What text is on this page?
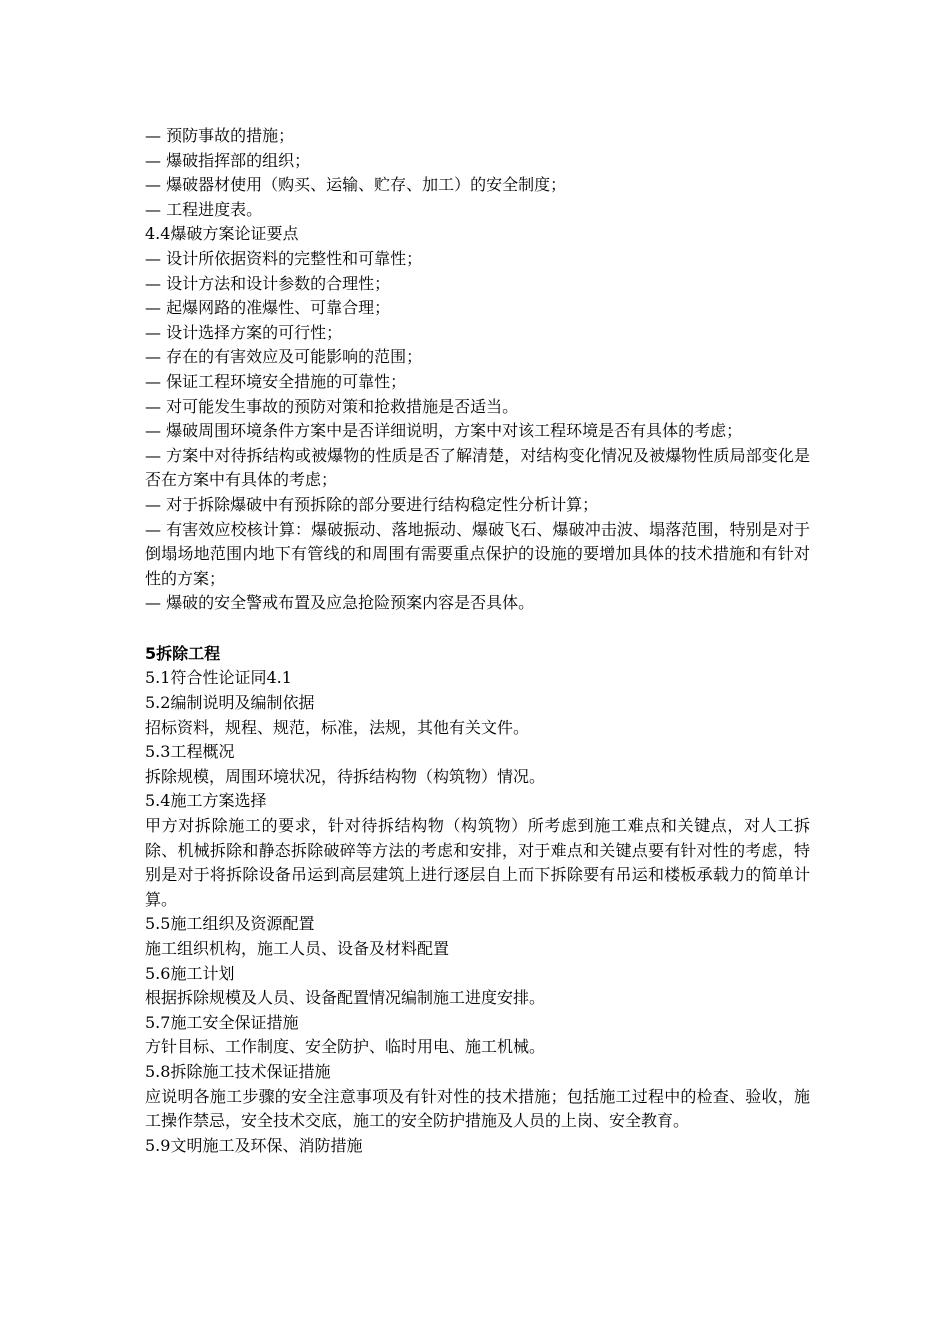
— 预防事故的措施；
— 爆破指挥部的组织；
— 爆破器材使用（购买、运输、贮存、加工）的安全制度；
— 工程进度表。
4.4爆破方案论证要点
— 设计所依据资料的完整性和可靠性；
— 设计方法和设计参数的合理性；
— 起爆网路的准爆性、可靠合理；
— 设计选择方案的可行性；
— 存在的有害效应及可能影响的范围；
— 保证工程环境安全措施的可靠性；
— 对可能发生事故的预防对策和抢救措施是否适当。

— 爆破周围环境条件方案中是否详细说明，方案中对该工程环境是否有具体的考虑；

— 方案中对待拆结构或被爆物的性质是否了解清楚，对结构变化情况及被爆物性质局部变化是否在方案中有具体的考虑；

— 对于拆除爆破中有预拆除的部分要进行结构稳定性分析计算；

— 有害效应校核计算：爆破振动、落地振动、爆破飞石、爆破冲击波、塌落范围，特别是对于倒塌场地范围内地下有管线的和周围有需要重点保护的设施的要增加具体的技术措施和有针对性的方案；

— 爆破的安全警戒布置及应急抢险预案内容是否具体。
5拆除工程
5.1符合性论证同4.1
5.2编制说明及编制依据
招标资料，规程、规范，标准，法规，其他有关文件。
5.3工程概况
拆除规模，周围环境状况，待拆结构物（构筑物）情况。
5.4施工方案选择

甲方对拆除施工的要求，针对待拆结构物（构筑物）所考虑到施工难点和关键点，对人工拆除、机械拆除和静态拆除破碎等方法的考虑和安排，对于难点和关键点要有针对性的考虑，特别是对于将拆除设备吊运到高层建筑上进行逐层自上而下拆除要有吊运和楼板承载力的简单计算。

5.5施工组织及资源配置
施工组织机构，施工人员、设备及材料配置
5.6施工计划
根据拆除规模及人员、设备配置情况编制施工进度安排。
5.7施工安全保证措施
方针目标、工作制度、安全防护、临时用电、施工机械。
5.8拆除施工技术保证措施

应说明各施工步骤的安全注意事项及有针对性的技术措施；包括施工过程中的检查、验收，施工操作禁忌，安全技术交底，施工的安全防护措施及人员的上岗、安全教育。

5.9文明施工及环保、消防措施
